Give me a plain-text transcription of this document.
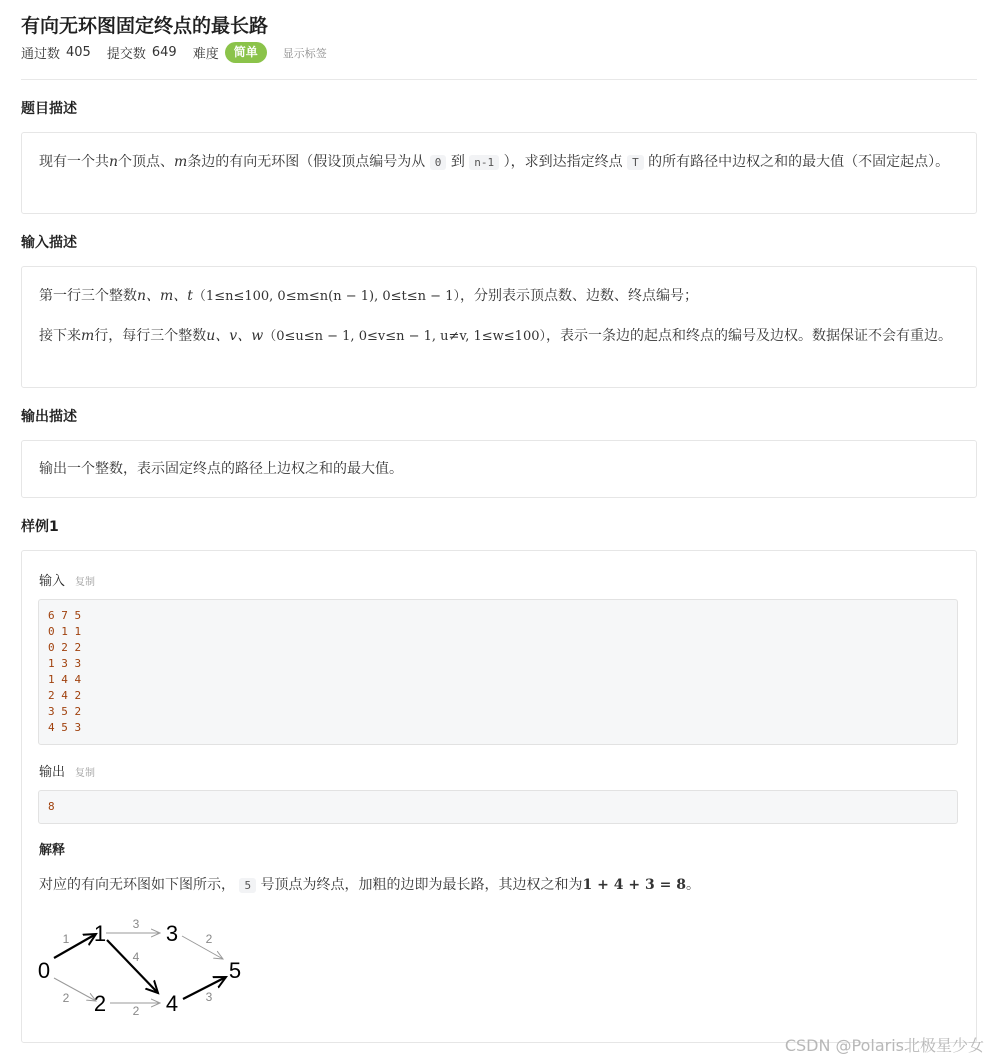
有向无环图固定终点的最长路
通过数 405 提交数 649 难度	简单	显示标签
题目描述

现有一个共n个顶点、m条边的有向无环图（假设顶点编号为从 0 到 n-1 ），求到达指定终点 T 的所有路径中边权之和的最大值（不固定起点）。

输入描述

第一行三个整数n、m、t（1≤n≤100, 0≤m≤n(n − 1), 0≤t≤n − 1），分别表示顶点数、边数、终点编号；

接下来m行，每行三个整数u、v、w（0≤u≤n − 1, 0≤v≤n − 1, u≠v, 1≤w≤100），表示一条边的起点和终点的编号及边权。数据保证不会有重边。

输出描述

输出一个整数，表示固定终点的路径上边权之和的最大值。

样例1
输入 复制
6 7 5
0 1 1
0 2 2
1 3 3
1 4 4
2 4 2
3 5 2
4 5 3
输出 复制
8
解释

对应的有向无环图如下图所示， 5 号顶点为终点，加粗的边即为最长路，其边权之和为1 + 4 + 3 = 8。

0
1
2
3
4
5
1
2
3
4
2
2
3
CSDN @Polaris北极星少女
